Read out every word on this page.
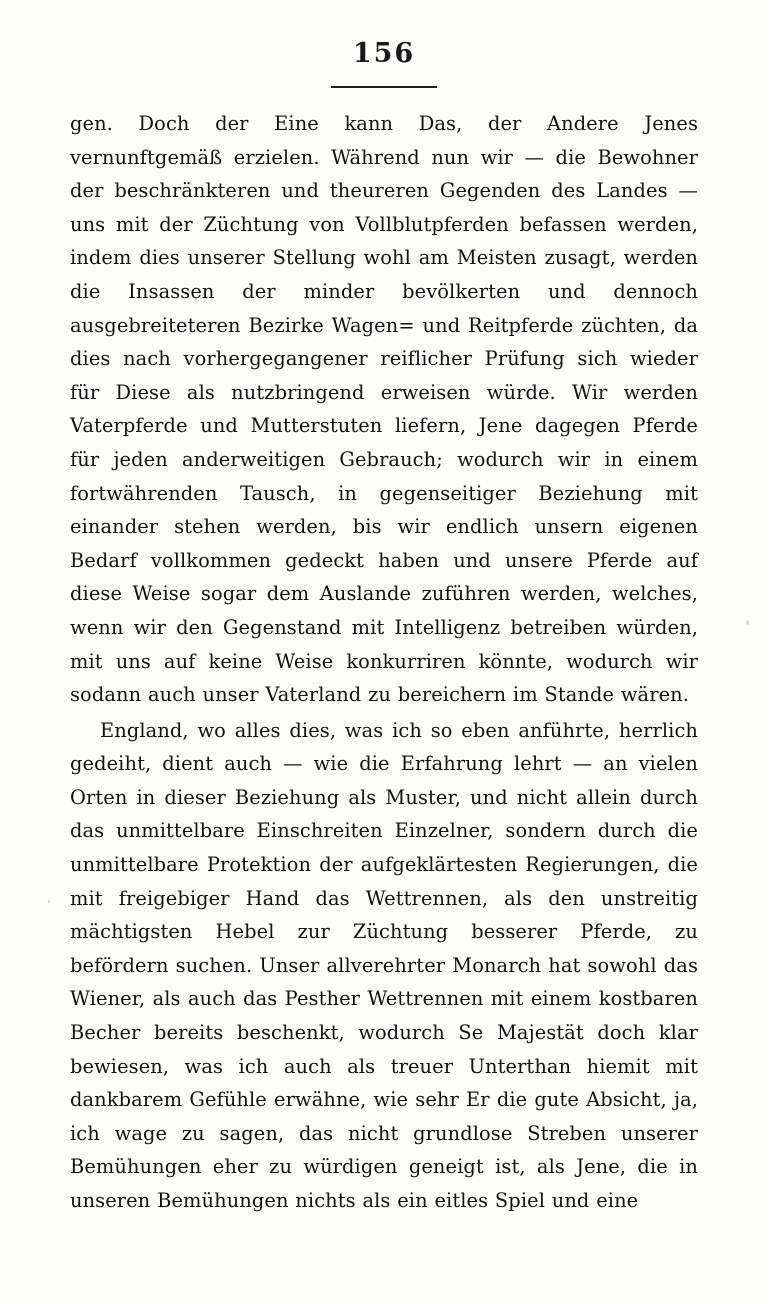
156

gen. Doch der Eine kann Das, der Andere Jenes vernunftgemäß erzielen. Während nun wir — die Bewohner der beschränkteren und theureren Gegenden des Landes — uns mit der Züchtung von Vollblutpferden befassen werden, indem dies unserer Stellung wohl am Meisten zusagt, werden die Insassen der minder bevölkerten und dennoch ausgebreiteteren Bezirke Wagen= und Reitpferde züchten, da dies nach vorhergegangener reiflicher Prüfung sich wieder für Diese als nutzbringend erweisen würde. Wir werden Vaterpferde und Mutterstuten liefern, Jene dagegen Pferde für jeden anderweitigen Gebrauch; wodurch wir in einem fortwährenden Tausch, in gegenseitiger Beziehung mit einander stehen werden, bis wir endlich unsern eigenen Bedarf vollkommen gedeckt haben und unsere Pferde auf diese Weise sogar dem Auslande zuführen werden, welches, wenn wir den Gegenstand mit Intelligenz betreiben würden, mit uns auf keine Weise konkurriren könnte, wodurch wir sodann auch unser Vaterland zu bereichern im Stande wären.

England, wo alles dies, was ich so eben anführte, herrlich gedeiht, dient auch — wie die Erfahrung lehrt — an vielen Orten in dieser Beziehung als Muster, und nicht allein durch das unmittelbare Einschreiten Einzelner, sondern durch die unmittelbare Protektion der aufgeklärtesten Regierungen, die mit freigebiger Hand das Wettrennen, als den unstreitig mächtigsten Hebel zur Züchtung besserer Pferde, zu befördern suchen. Unser allverehrter Monarch hat sowohl das Wiener, als auch das Pesther Wettrennen mit einem kostbaren Becher bereits beschenkt, wodurch Se Majestät doch klar bewiesen, was ich auch als treuer Unterthan hiemit mit dankbarem Gefühle erwähne, wie sehr Er die gute Absicht, ja, ich wage zu sagen, das nicht grundlose Streben unserer Bemühungen eher zu würdigen geneigt ist, als Jene, die in unseren Bemühungen nichts als ein eitles Spiel und eine
